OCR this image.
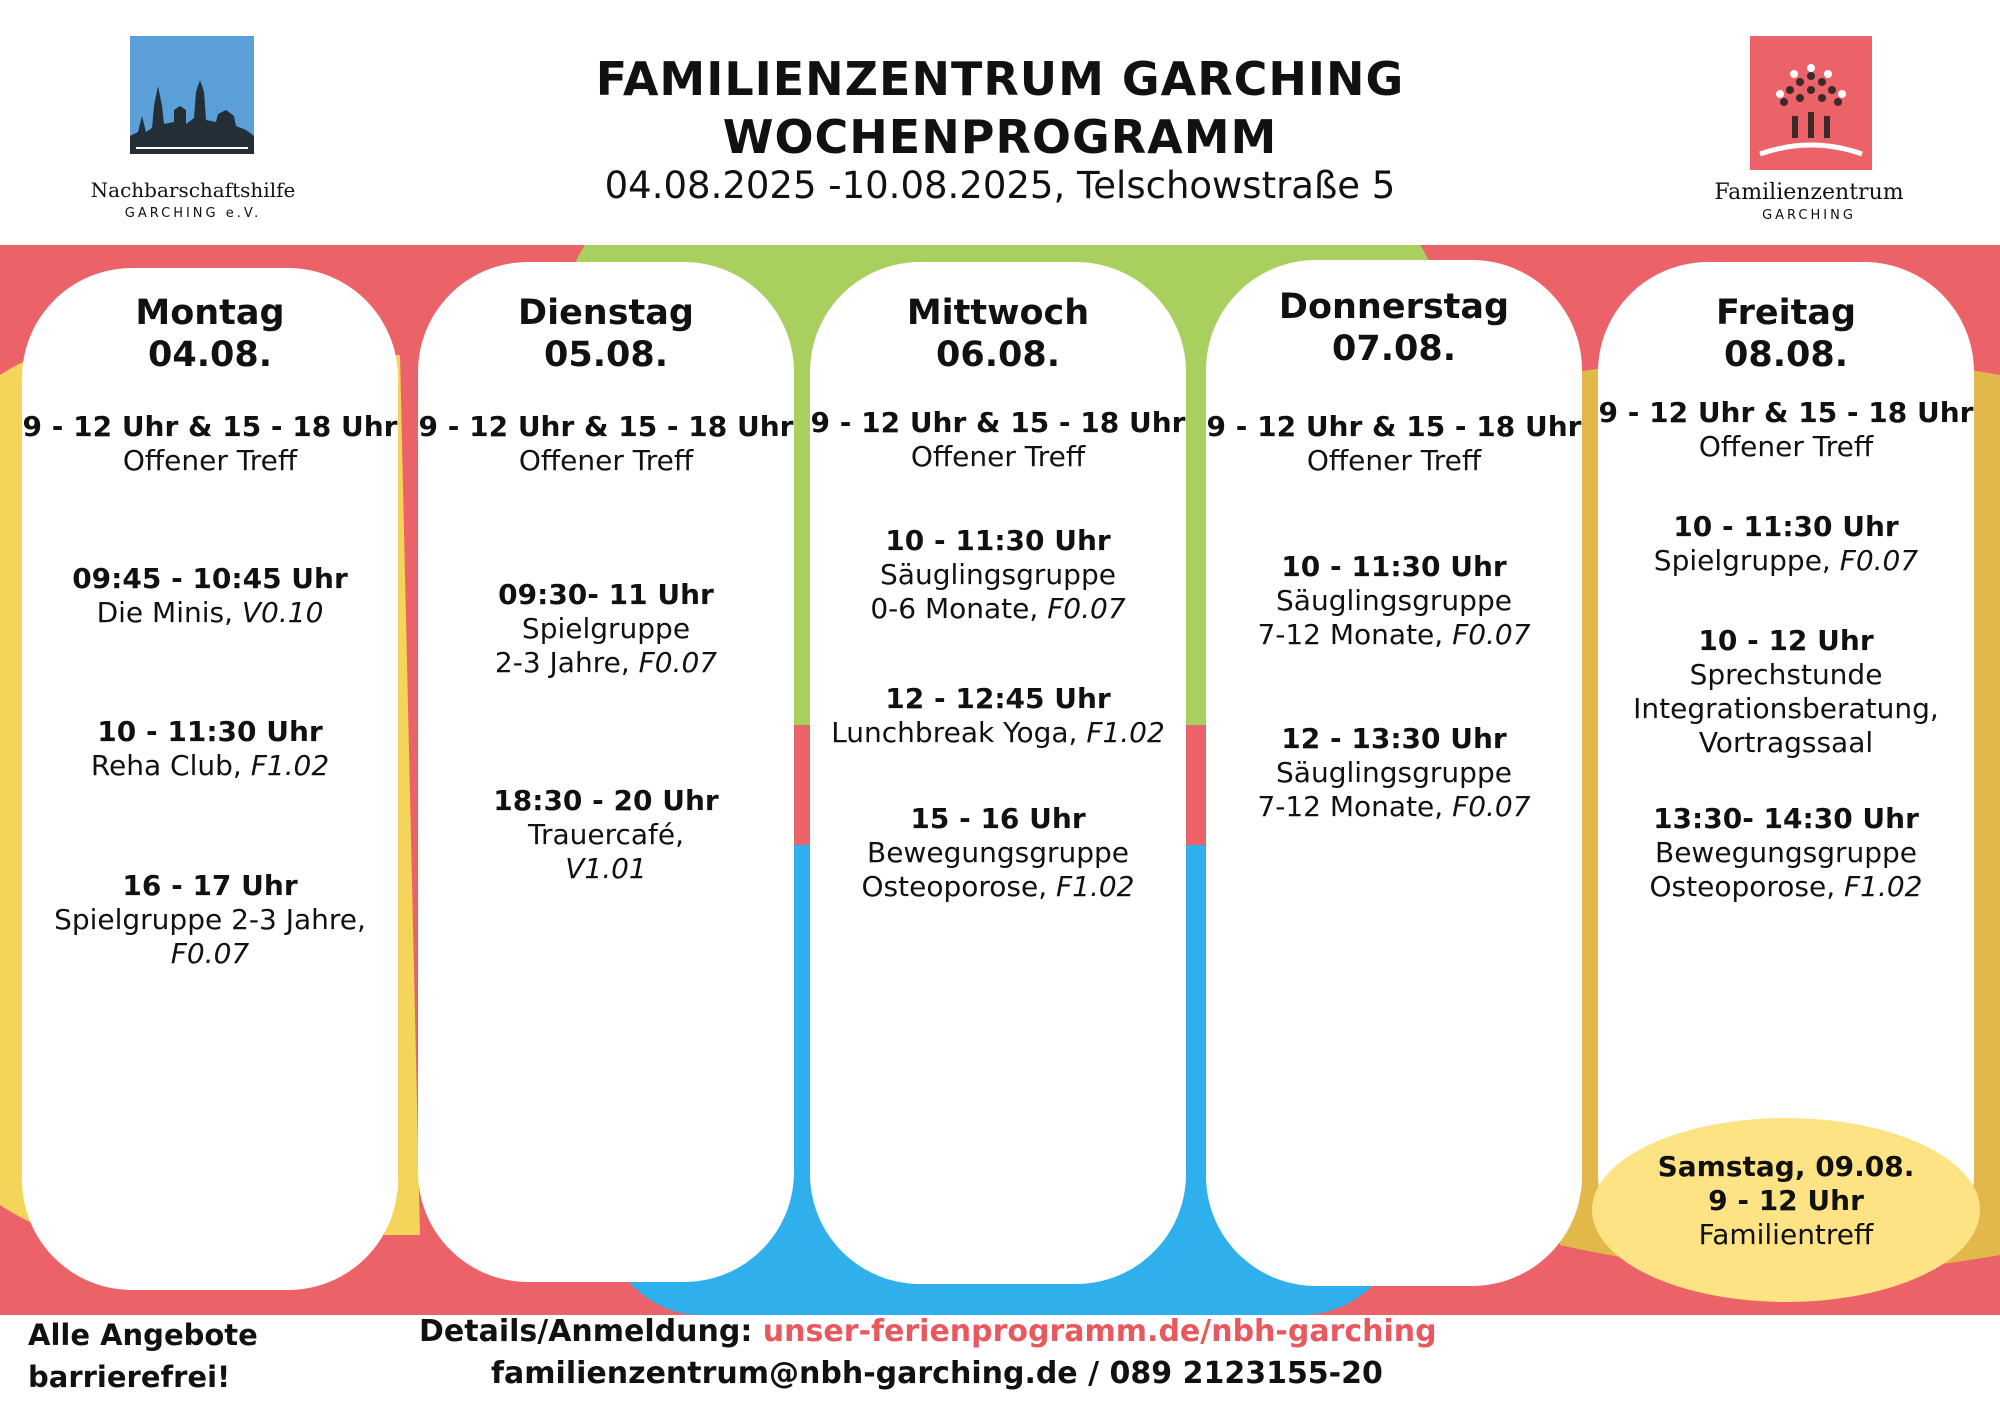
Nachbarschaftshilfe
GARCHING e.V.
FAMILIENZENTRUM GARCHING
WOCHENPROGRAMM
04.08.2025 -10.08.2025, Telschowstraße 5	Familienzentrum
GARCHING
Montag
04.08.
9 - 12 Uhr & 15 - 18 Uhr
Offener Treff
09:45 - 10:45 Uhr
Die Minis, V0.10
10 - 11:30 Uhr
Reha Club, F1.02
16 - 17 Uhr
Spielgruppe 2-3 Jahre,
F0.07
Dienstag
05.08.
9 - 12 Uhr & 15 - 18 Uhr
Offener Treff
09:30- 11 Uhr
Spielgruppe
2-3 Jahre, F0.07
18:30 - 20 Uhr
Trauercafé,
V1.01
Mittwoch
06.08.
9 - 12 Uhr & 15 - 18 Uhr
Offener Treff
10 - 11:30 Uhr
Säuglingsgruppe
0-6 Monate, F0.07
12 - 12:45 Uhr
Lunchbreak Yoga, F1.02
15 - 16 Uhr
Bewegungsgruppe
Osteoporose, F1.02
Donnerstag
07.08.
9 - 12 Uhr & 15 - 18 Uhr
Offener Treff
10 - 11:30 Uhr
Säuglingsgruppe
7-12 Monate, F0.07
12 - 13:30 Uhr
Säuglingsgruppe
7-12 Monate, F0.07
Freitag
08.08.
9 - 12 Uhr & 15 - 18 Uhr
Offener Treff
10 - 11:30 Uhr
Spielgruppe, F0.07
10 - 12 Uhr
Sprechstunde
Integrationsberatung,
Vortragssaal
13:30- 14:30 Uhr
Bewegungsgruppe
Osteoporose, F1.02
Samstag, 09.08.
9 - 12 Uhr
Familientreff
Alle Angebote
barrierefrei!
Details/Anmeldung: unser-ferienprogramm.de/nbh-garching
familienzentrum@nbh-garching.de / 089 2123155-20
